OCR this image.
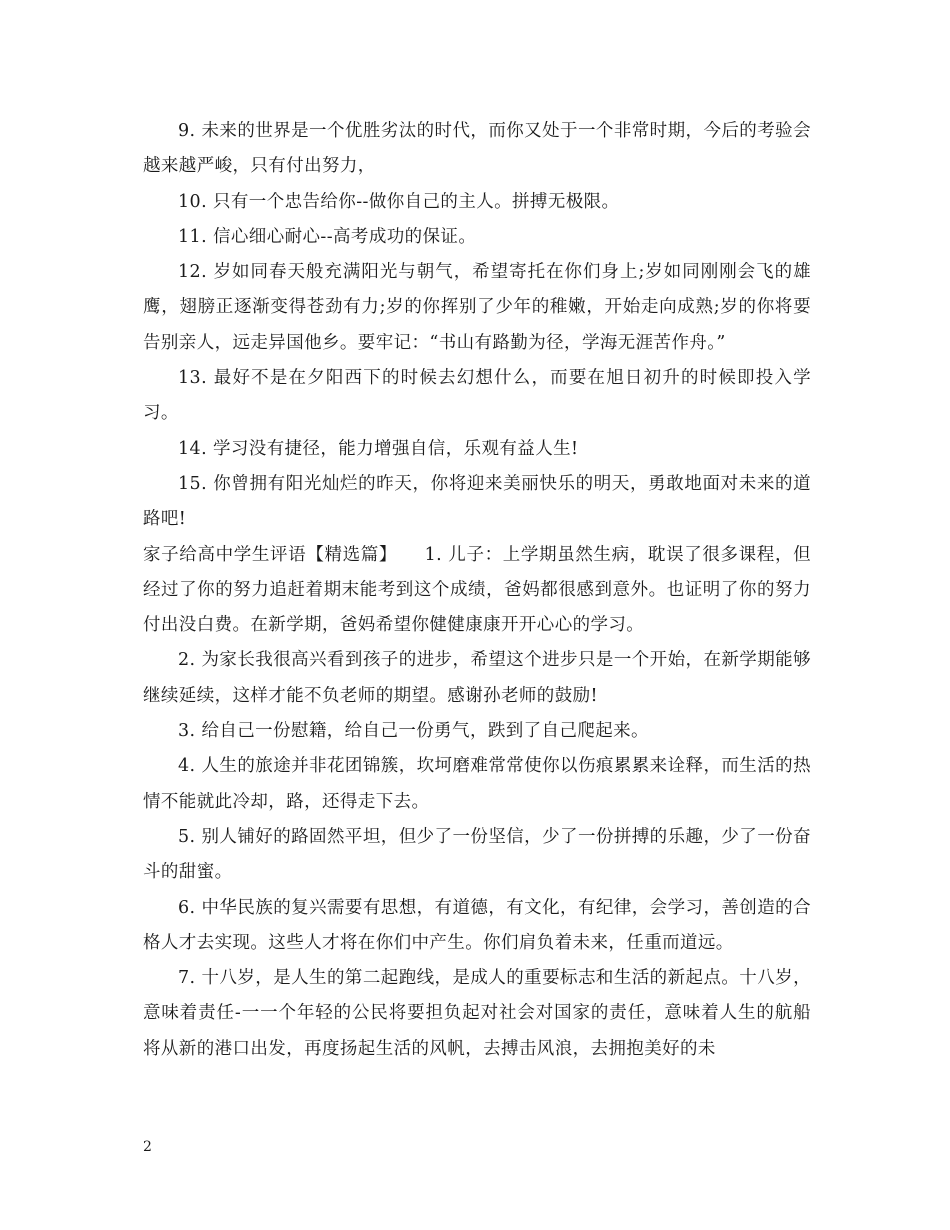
9. 未来的世界是一个优胜劣汰的时代，而你又处于一个非常时期，今后的考验会越来越严峻，只有付出努力，

10. 只有一个忠告给你--做你自己的主人。拼搏无极限。

11. 信心细心耐心--高考成功的保证。

12. 岁如同春天般充满阳光与朝气，希望寄托在你们身上;岁如同刚刚会飞的雄鹰，翅膀正逐渐变得苍劲有力;岁的你挥别了少年的稚嫩，开始走向成熟;岁的你将要告别亲人，远走异国他乡。要牢记：“书山有路勤为径，学海无涯苦作舟。”

13. 最好不是在夕阳西下的时候去幻想什么，而要在旭日初升的时候即投入学习。

14. 学习没有捷径，能力增强自信，乐观有益人生!

15. 你曾拥有阳光灿烂的昨天，你将迎来美丽快乐的明天，勇敢地面对未来的道路吧!

家子给高中学生评语【精选篇】　　1. 儿子：上学期虽然生病，耽误了很多课程，但经过了你的努力追赶着期末能考到这个成绩，爸妈都很感到意外。也证明了你的努力付出没白费。在新学期，爸妈希望你健健康康开开心心的学习。

2. 为家长我很高兴看到孩子的进步，希望这个进步只是一个开始，在新学期能够继续延续，这样才能不负老师的期望。感谢孙老师的鼓励!

3. 给自己一份慰籍，给自己一份勇气，跌到了自己爬起来。

4. 人生的旅途并非花团锦簇，坎坷磨难常常使你以伤痕累累来诠释，而生活的热情不能就此冷却，路，还得走下去。

5. 别人铺好的路固然平坦，但少了一份坚信，少了一份拼搏的乐趣，少了一份奋斗的甜蜜。

6. 中华民族的复兴需要有思想，有道德，有文化，有纪律，会学习，善创造的合格人才去实现。这些人才将在你们中产生。你们肩负着未来，任重而道远。

7. 十八岁，是人生的第二起跑线，是成人的重要标志和生活的新起点。十八岁，意味着责任-一一个年轻的公民将要担负起对社会对国家的责任，意味着人生的航船将从新的港口出发，再度扬起生活的风帆，去搏击风浪，去拥抱美好的未

2
